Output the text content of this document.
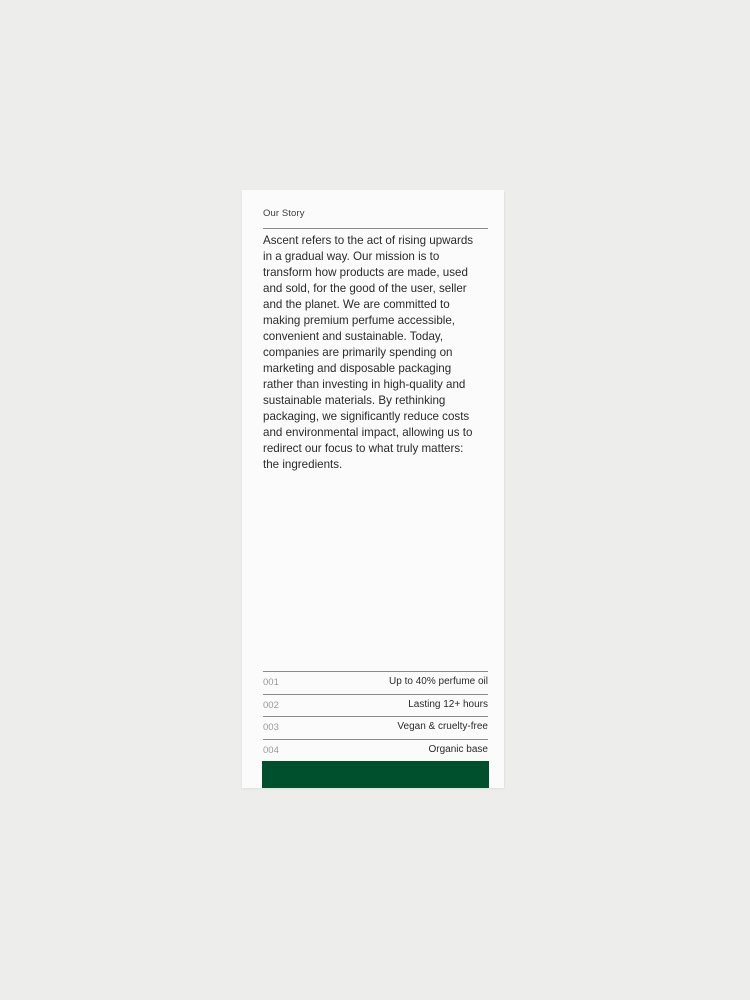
Our Story

Ascent refers to the act of rising upwards
in a gradual way. Our mission is to
transform how products are made, used
and sold, for the good of the user, seller
and the planet. We are committed to
making premium perfume accessible,
convenient and sustainable. Today,
companies are primarily spending on
marketing and disposable packaging
rather than investing in high-quality and
sustainable materials. By rethinking
packaging, we significantly reduce costs
and environmental impact, allowing us to
redirect our focus to what truly matters:
the ingredients.

001	Up to 40% perfume oil
002	Lasting 12+ hours
003	Vegan & cruelty-free
004	Organic base
